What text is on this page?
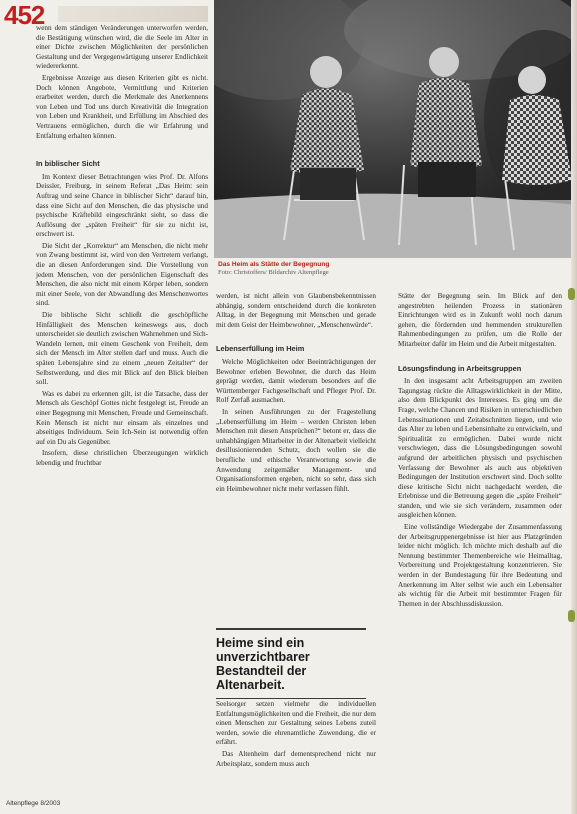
452
Das Heim als Stätte der Begegnung
Foto: Christoffers/ Bildarchiv Altenpflege

wenn dem ständigen Veränderungen unterworfen werden, die Bestätigung wünschen wird, die die Seele im Alter in einer Dichte zwischen Möglichkeiten der persönlichen Gestaltung und der Vergegenwärtigung unserer Endlichkeit wiedererkennt.

Ergebnisse Anzeige aus diesen Kriterien gibt es nicht. Doch können Angebote, Vermittlung und Kriterien erarbeitet werden, durch die Merkmale des Anerkennens von Leben und Tod uns durch Kreativität die Integration von Leben und Krankheit, und Erfüllung im Abschied des Vertrauens ermöglichen, durch die wir Erfahrung und Entfaltung erhalten können.

In biblischer Sicht

Im Kontext dieser Betrachtungen wies Prof. Dr. Alfons Deissler, Freiburg, in seinem Referat „Das Heim: sein Auftrag und seine Chance in biblischer Sicht“ darauf hin, dass eine Sicht auf den Menschen, die das physische und psychische Kräftebild eingeschränkt sieht, so dass die Auflösung der „späten Freiheit“ für sie zu nicht ist, erschwert ist.

Die Sicht der „Korrektur“ am Menschen, die nicht mehr von Zwang bestimmt ist, wird von den Vertretern verlangt, die an diesen Anforderungen sind. Die Vorstellung von jedem Menschen, von der persönlichen Eigenschaft des Menschen, die also nicht mit einem Körper leben, sondern mit einer Seele, von der Abwandlung des Menschenwortes sind.

Die biblische Sicht schließt die geschöpfliche Hinfälligkeit des Menschen keineswegs aus, doch unterscheidet sie deutlich zwischen Wahrnehmen und Sich-Wandeln lernen, mit einem Geschenk von Freiheit, dem sich der Mensch im Alter stellen darf und muss. Auch die späten Lebensjahre sind zu einem „neuen Zeitalter“ der Selbstwerdung, und dies mit Blick auf den Blick bleiben soll.

Was es dabei zu erkennen gilt, ist die Tatsache, dass der Mensch als Geschöpf Gottes nicht festgelegt ist, Freude an einer Begegnung mit Menschen, Freude und Gemeinschaft. Kein Mensch ist nicht nur einsam als einzelnes und abseitiges Individuum. Sein Ich-Sein ist notwendig offen auf ein Du als Gegenüber.

Insofern, diese christlichen Überzeugungen wirklich lebendig und fruchtbar

werden, ist nicht allein von Glaubensbekenntnissen abhängig, sondern entscheidend durch die konkreten Alltag, in der Begegnung mit Menschen und gerade mit dem Geist der Heimbewohner, „Menschenwürde“.

Lebenserfüllung im Heim

Welche Möglichkeiten oder Beeinträchtigungen der Bewohner erleben Bewohner, die durch das Heim geprägt werden, damit wiederum besonders auf die Württemberger Fachgesellschaft und Pfleger Prof. Dr. Rolf Zerfaß ausmachen.

In seinen Ausführungen zu der Fragestellung „Lebenserfüllung im Heim – werden Christen leben Menschen mit diesen Ansprüchen?“ betont er, dass die unhabhängigen Mitarbeiter in der Altenarbeit vielleicht desillusionierenden Schutz, doch wollen sie die berufliche und ethische Verantwortung sowie die Anwendung zeitgemäßer Management- und Organisationsformen ergeben, nicht so sehr, dass sich ein Heimbewohner nicht mehr verlassen fühlt.

Heime sind ein unverzichtbarer Bestandteil der Altenarbeit.

Seelsorger setzen vielmehr die individuellen Entfaltungsmöglichkeiten und die Freiheit, die nur dem einen Menschen zur Gestaltung seines Lebens zuteil werden, sowie die ehrenamtliche Zuwendung, die er erfährt.

Das Altenheim darf dementsprechend nicht nur Arbeitsplatz, sondern muss auch

Stätte der Begegnung sein. Im Blick auf den angestrebten heilenden Prozess in stationären Einrichtungen wird es in Zukunft wohl noch darum gehen, die fördernden und hemmenden strukturellen Rahmenbedingungen zu prüfen, um die Rolle der Mitarbeiter dafür im Heim und die Arbeit mitgestalten.

Lösungsfindung in Arbeitsgruppen

In den insgesamt acht Arbeitsgruppen am zweiten Tagungstag rückte die Alltagswirklichkeit in der Mitte, also dem Blickpunkt des Interesses. Es ging um die Frage, welche Chancen und Risiken in unterschiedlichen Lebenssituationen und Zeitabschnitten liegen, und wie das Alter zu leben und Lebensinhalte zu entwickeln, und Spiritualität zu ermöglichen. Dabei wurde nicht verschwiegen, dass die Lösungsbedingungen sowohl aufgrund der arbeitlichen physisch und psychischen Verfassung der Bewohner als auch aus objektiven Bedingungen der Institution erschwert sind. Doch sollte diese kritische Sicht nicht nachgedacht werden, die Erlebnisse und die Betreuung gegen die „späte Freiheit“ standen, und wie sie sich verändern, zusammen oder ausgleichen können.

Eine vollständige Wiedergabe der Zusammenfassung der Arbeitsgruppenergebnisse ist hier aus Platzgründen leider nicht möglich. Ich möchte mich deshalb auf die Nennung bestimmter Themenbereiche wie Heimalltag, Vorbereitung und Projektgestaltung konzentrieren. Sie werden in der Bundestagung für ihre Bedeutung und Anerkennung im Alter selbst wie auch ein Lebensalter als wichtig für die Arbeit mit bestimmter Fragen für Themen in der Abschlussdiskussion.

Altenpflege 8/2003
